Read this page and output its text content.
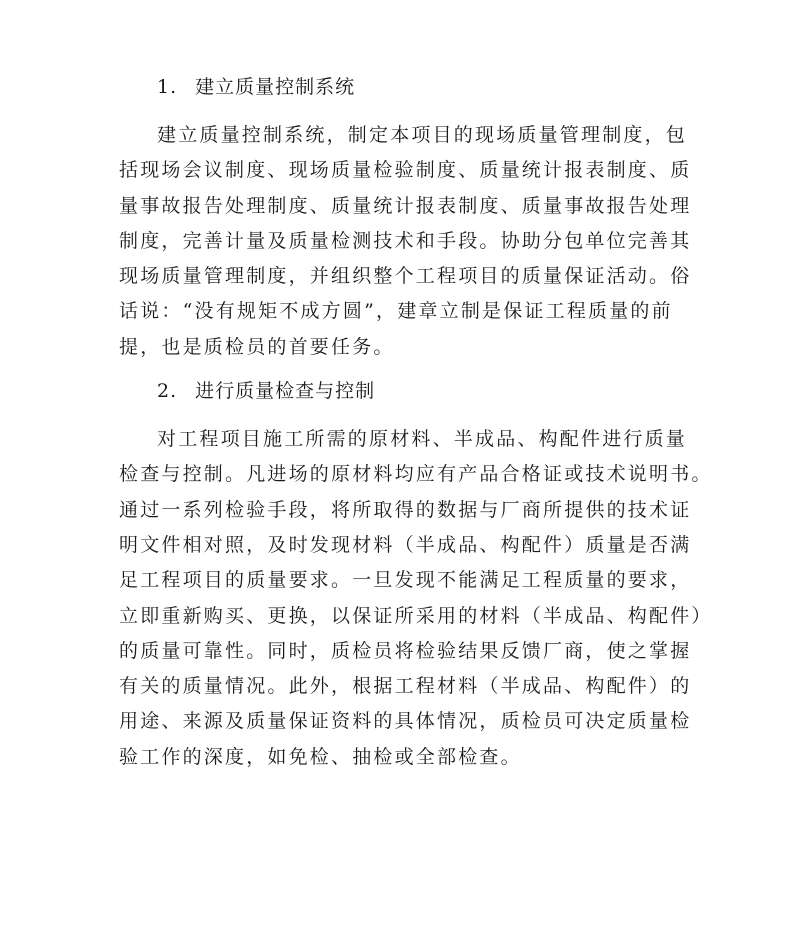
1. 建立质量控制系统
建立质量控制系统，制定本项目的现场质量管理制度，包
括现场会议制度、现场质量检验制度、质量统计报表制度、质
量事故报告处理制度、质量统计报表制度、质量事故报告处理
制度，完善计量及质量检测技术和手段。协助分包单位完善其
现场质量管理制度，并组织整个工程项目的质量保证活动。俗
话说：“没有规矩不成方圆”，建章立制是保证工程质量的前
提，也是质检员的首要任务。
2. 进行质量检查与控制
对工程项目施工所需的原材料、半成品、构配件进行质量
检查与控制。凡进场的原材料均应有产品合格证或技术说明书。
通过一系列检验手段，将所取得的数据与厂商所提供的技术证
明文件相对照，及时发现材料（半成品、构配件）质量是否满
足工程项目的质量要求。一旦发现不能满足工程质量的要求，
立即重新购买、更换，以保证所采用的材料（半成品、构配件）
的质量可靠性。同时，质检员将检验结果反馈厂商，使之掌握
有关的质量情况。此外，根据工程材料（半成品、构配件）的
用途、来源及质量保证资料的具体情况，质检员可决定质量检
验工作的深度，如免检、抽检或全部检查。
